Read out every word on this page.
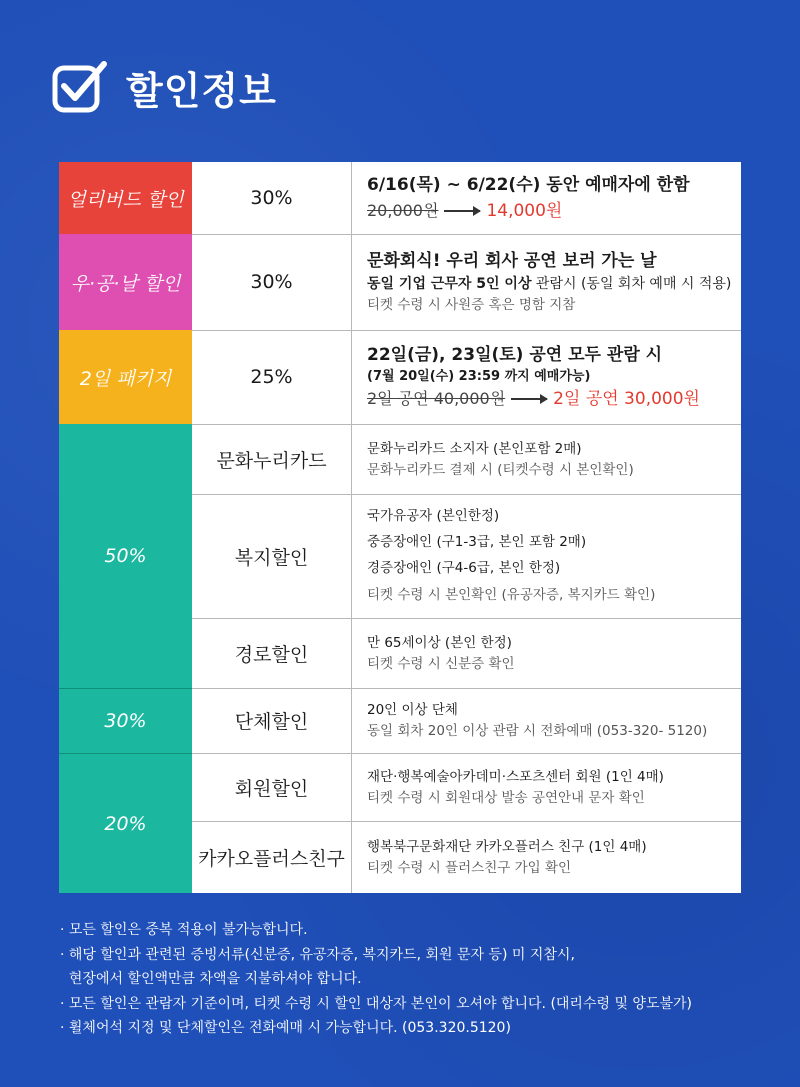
할인정보
얼리버드 할인
우·공·날 할인
2일 패키지
50%
30%
20%
30%
30%
25%
문화누리카드
복지할인
경로할인
단체할인
회원할인
카카오플러스친구
6/16(목) ~ 6/22(수) 동안 예매자에 한함
20,000원	14,000원
문화회식! 우리 회사 공연 보러 가는 날
동일 기업 근무자 5인 이상 관람시 (동일 회차 예매 시 적용)
티켓 수령 시 사원증 혹은 명함 지참
22일(금), 23일(토) 공연 모두 관람 시
(7월 20일(수) 23:59 까지 예매가능)
2일 공연 40,000원	2일 공연 30,000원
문화누리카드 소지자 (본인포함 2매)
문화누리카드 결제 시 (티켓수령 시 본인확인)
국가유공자 (본인한정)
중증장애인 (구1-3급, 본인 포함 2매)
경증장애인 (구4-6급, 본인 한정)
티켓 수령 시 본인확인 (유공자증, 복지카드 확인)
만 65세이상 (본인 한정)
티켓 수령 시 신분증 확인
20인 이상 단체
동일 회차 20인 이상 관람 시 전화예매 (053-320- 5120)
재단·행복예술아카데미·스포츠센터 회원 (1인 4매)
티켓 수령 시 회원대상 발송 공연안내 문자 확인
행복북구문화재단 카카오플러스 친구 (1인 4매)
티켓 수령 시 플러스친구 가입 확인
· 모든 할인은 중복 적용이 불가능합니다.
· 해당 할인과 관련된 증빙서류(신분증, 유공자증, 복지카드, 회원 문자 등) 미 지참시,
현장에서 할인액만큼 차액을 지불하셔야 합니다.
· 모든 할인은 관람자 기준이며, 티켓 수령 시 할인 대상자 본인이 오셔야 합니다. (대리수령 및 양도불가)
· 휠체어석 지정 및 단체할인은 전화예매 시 가능합니다. (053.320.5120)
